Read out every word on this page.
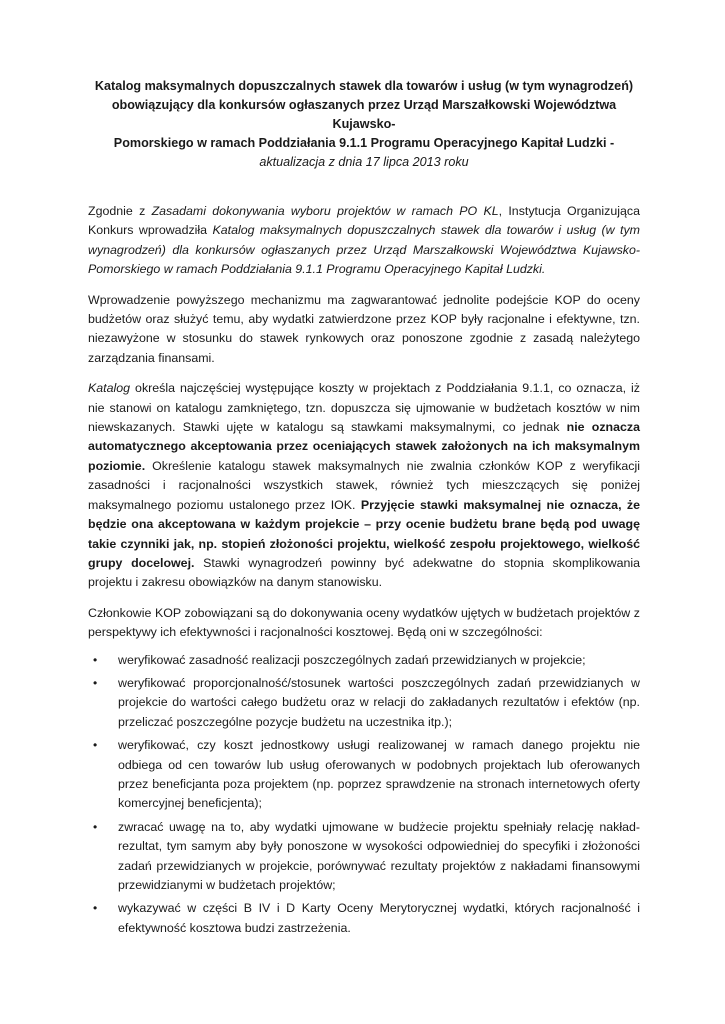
Katalog maksymalnych dopuszczalnych stawek dla towarów i usług (w tym wynagrodzeń)

obowiązujący dla konkursów ogłaszanych przez Urząd Marszałkowski Województwa Kujawsko-

Pomorskiego w ramach Poddziałania 9.1.1 Programu Operacyjnego Kapitał Ludzki -

aktualizacja z dnia 17 lipca 2013 roku

Zgodnie z Zasadami dokonywania wyboru projektów w ramach PO KL, Instytucja Organizująca Konkurs wprowadziła Katalog maksymalnych dopuszczalnych stawek dla towarów i usług (w tym wynagrodzeń) dla konkursów ogłaszanych przez Urząd Marszałkowski Województwa Kujawsko-Pomorskiego w ramach Poddziałania 9.1.1 Programu Operacyjnego Kapitał Ludzki.

Wprowadzenie powyższego mechanizmu ma zagwarantować jednolite podejście KOP do oceny budżetów oraz służyć temu, aby wydatki zatwierdzone przez KOP były racjonalne i efektywne, tzn. niezawyżone w stosunku do stawek rynkowych oraz ponoszone zgodnie z zasadą należytego zarządzania finansami.

Katalog określa najczęściej występujące koszty w projektach z Poddziałania 9.1.1, co oznacza, iż nie stanowi on katalogu zamkniętego, tzn. dopuszcza się ujmowanie w budżetach kosztów w nim niewskazanych. Stawki ujęte w katalogu są stawkami maksymalnymi, co jednak nie oznacza automatycznego akceptowania przez oceniających stawek założonych na ich maksymalnym poziomie. Określenie katalogu stawek maksymalnych nie zwalnia członków KOP z weryfikacji zasadności i racjonalności wszystkich stawek, również tych mieszczących się poniżej maksymalnego poziomu ustalonego przez IOK. Przyjęcie stawki maksymalnej nie oznacza, że będzie ona akceptowana w każdym projekcie – przy ocenie budżetu brane będą pod uwagę takie czynniki jak, np. stopień złożoności projektu, wielkość zespołu projektowego, wielkość grupy docelowej. Stawki wynagrodzeń powinny być adekwatne do stopnia skomplikowania projektu i zakresu obowiązków na danym stanowisku.

Członkowie KOP zobowiązani są do dokonywania oceny wydatków ujętych w budżetach projektów z perspektywy ich efektywności i racjonalności kosztowej. Będą oni w szczególności:

• weryfikować zasadność realizacji poszczególnych zadań przewidzianych w projekcie;
• weryfikować proporcjonalność/stosunek wartości poszczególnych zadań przewidzianych w projekcie do wartości całego budżetu oraz w relacji do zakładanych rezultatów i efektów (np. przeliczać poszczególne pozycje budżetu na uczestnika itp.);
• weryfikować, czy koszt jednostkowy usługi realizowanej w ramach danego projektu nie odbiega od cen towarów lub usług oferowanych w podobnych projektach lub oferowanych przez beneficjanta poza projektem (np. poprzez sprawdzenie na stronach internetowych oferty komercyjnej beneficjenta);
• zwracać uwagę na to, aby wydatki ujmowane w budżecie projektu spełniały relację nakład-rezultat, tym samym aby były ponoszone w wysokości odpowiedniej do specyfiki i złożoności zadań przewidzianych w projekcie, porównywać rezultaty projektów z nakładami finansowymi przewidzianymi w budżetach projektów;
• wykazywać w części B IV i D Karty Oceny Merytorycznej wydatki, których racjonalność i efektywność kosztowa budzi zastrzeżenia.
